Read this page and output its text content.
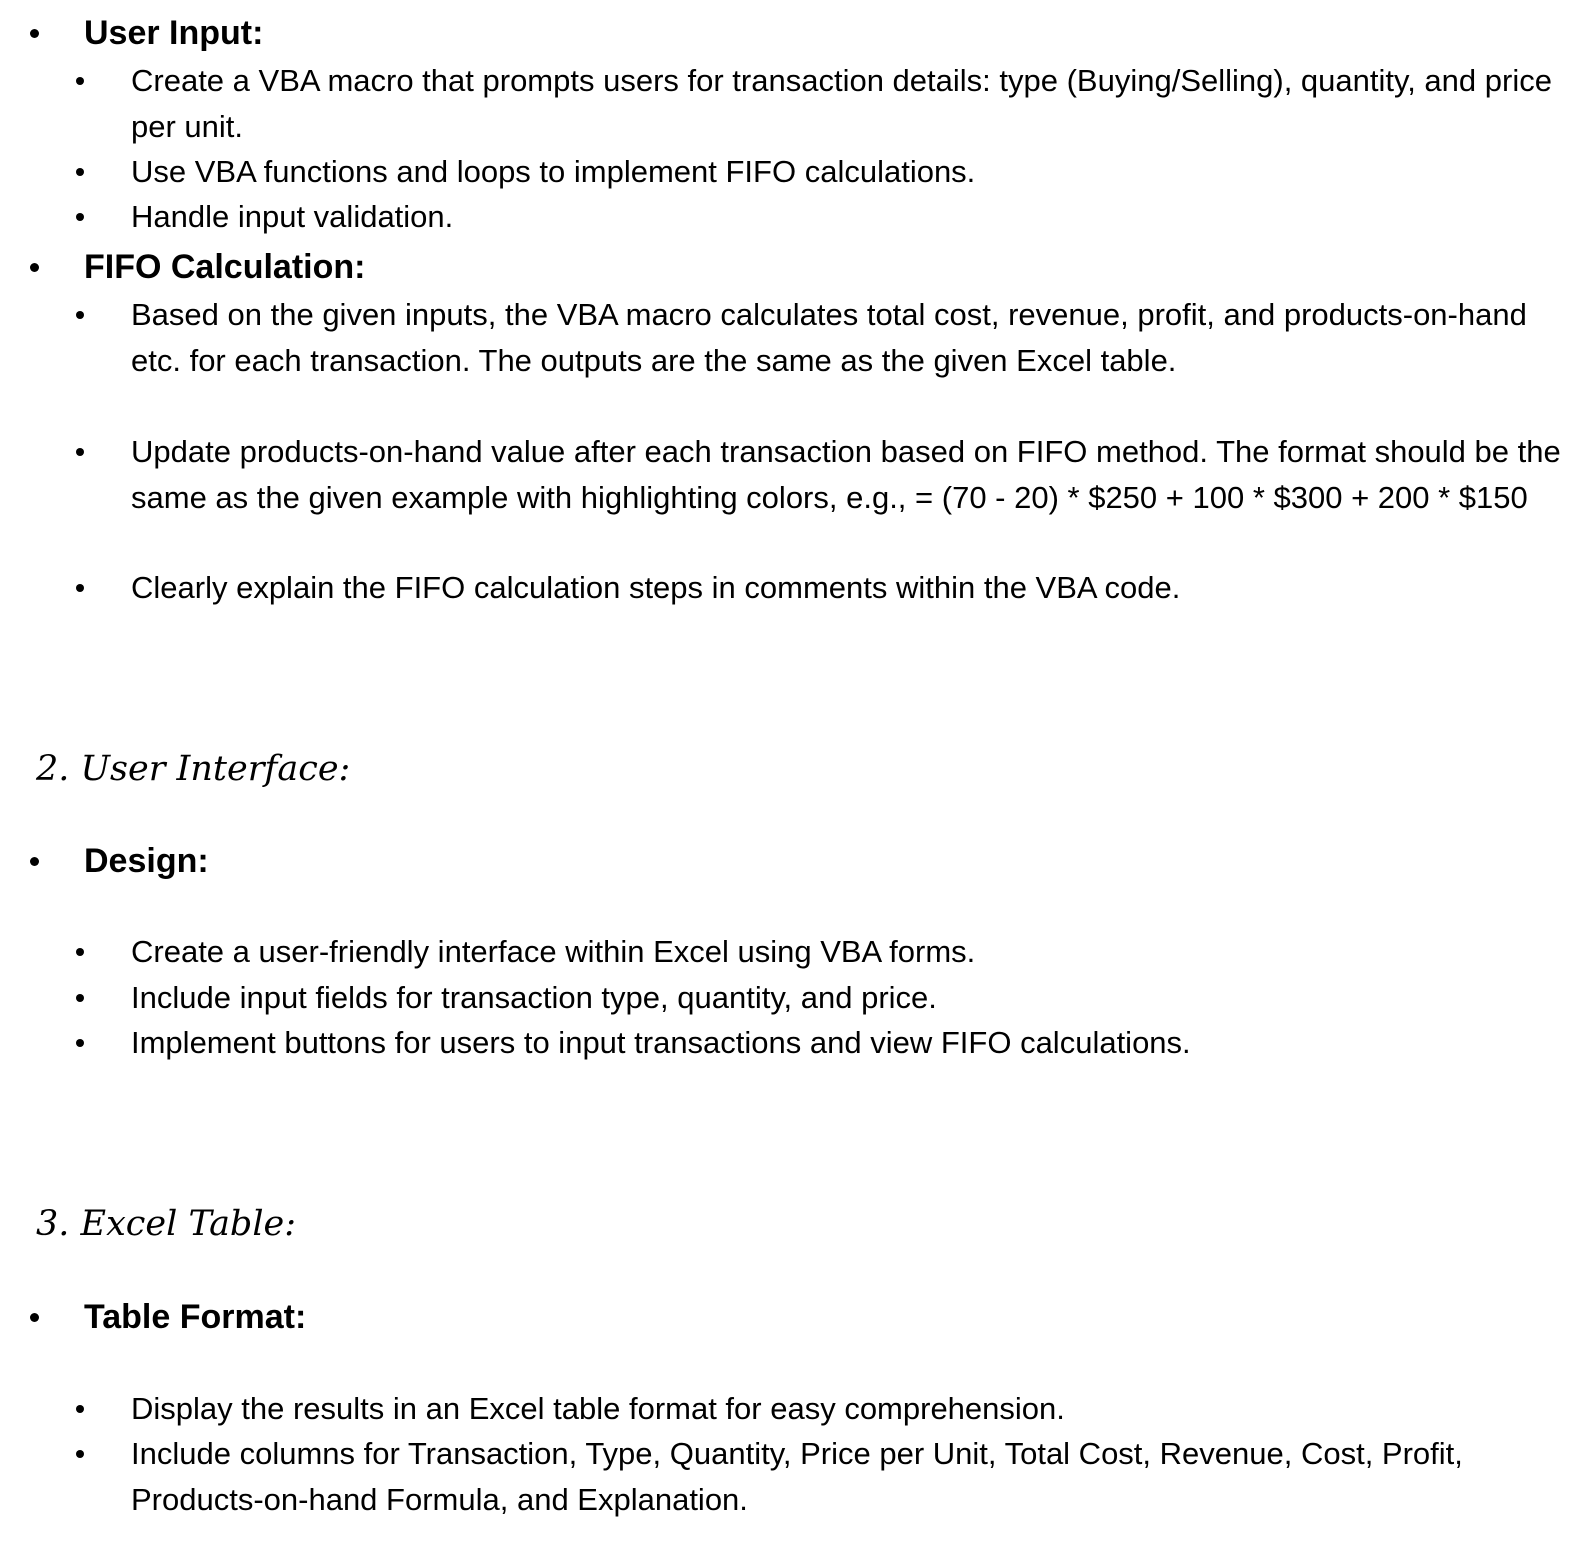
User Input:
Create a VBA macro that prompts users for transaction details: type (Buying/Selling), quantity, and price per unit.
Use VBA functions and loops to implement FIFO calculations.
Handle input validation.
FIFO Calculation:
Based on the given inputs, the VBA macro calculates total cost, revenue, profit, and products-on-hand etc. for each transaction. The outputs are the same as the given Excel table.
Update products-on-hand value after each transaction based on FIFO method. The format should be the same as the given example with highlighting colors, e.g., = (70 - 20) * $250 + 100 * $300 + 200 * $150
Clearly explain the FIFO calculation steps in comments within the VBA code.
2. User Interface:
Design:
Create a user-friendly interface within Excel using VBA forms.
Include input fields for transaction type, quantity, and price.
Implement buttons for users to input transactions and view FIFO calculations.
3. Excel Table:
Table Format:
Display the results in an Excel table format for easy comprehension.
Include columns for Transaction, Type, Quantity, Price per Unit, Total Cost, Revenue, Cost, Profit, Products-on-hand Formula, and Explanation.
